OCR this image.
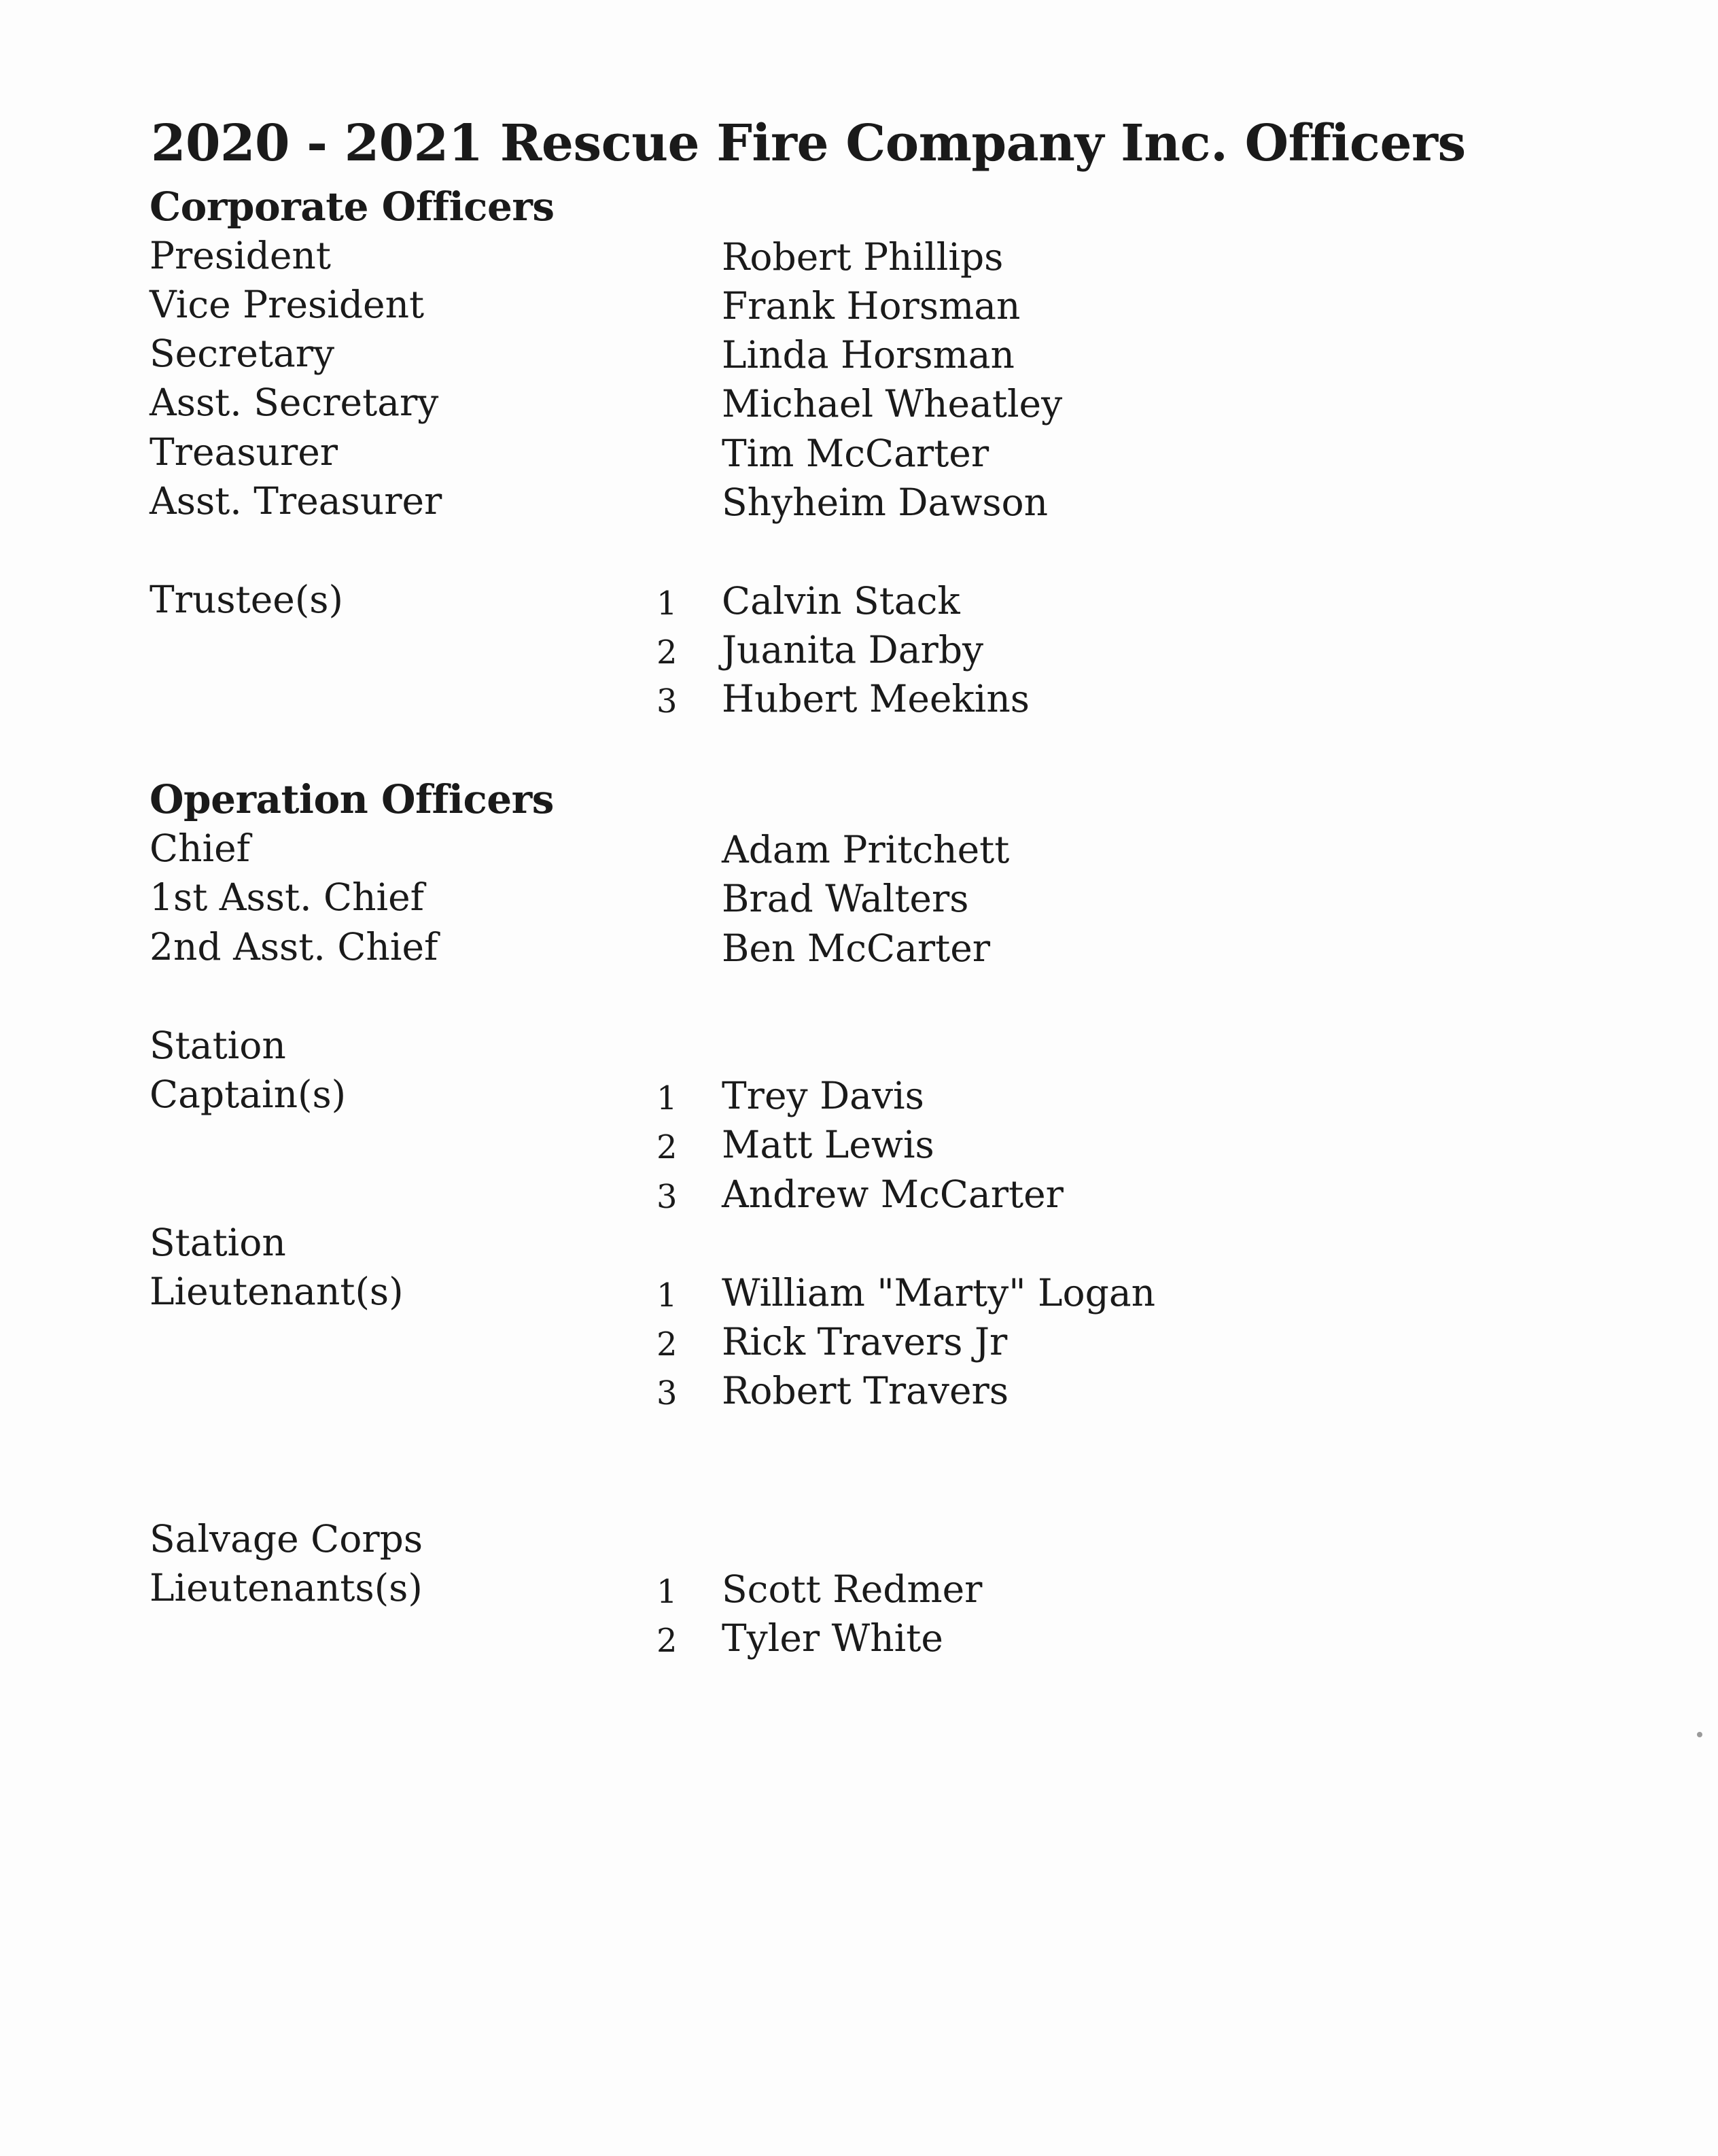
2020 - 2021 Rescue Fire Company Inc. Officers
Corporate Officers
President	Robert Phillips
Vice President	Frank Horsman
Secretary	Linda Horsman
Asst. Secretary	Michael Wheatley
Treasurer	Tim McCarter
Asst. Treasurer	Shyheim Dawson
Trustee(s)	1 Calvin Stack
2 Juanita Darby
3 Hubert Meekins
Operation Officers
Chief	Adam Pritchett
1st Asst. Chief	Brad Walters
2nd Asst. Chief	Ben McCarter
Station
Captain(s)	1 Trey Davis
2 Matt Lewis
3 Andrew McCarter
Station
Lieutenant(s)	1 William "Marty" Logan
2 Rick Travers Jr
3 Robert Travers
Salvage Corps
Lieutenants(s)	1 Scott Redmer
2 Tyler White
